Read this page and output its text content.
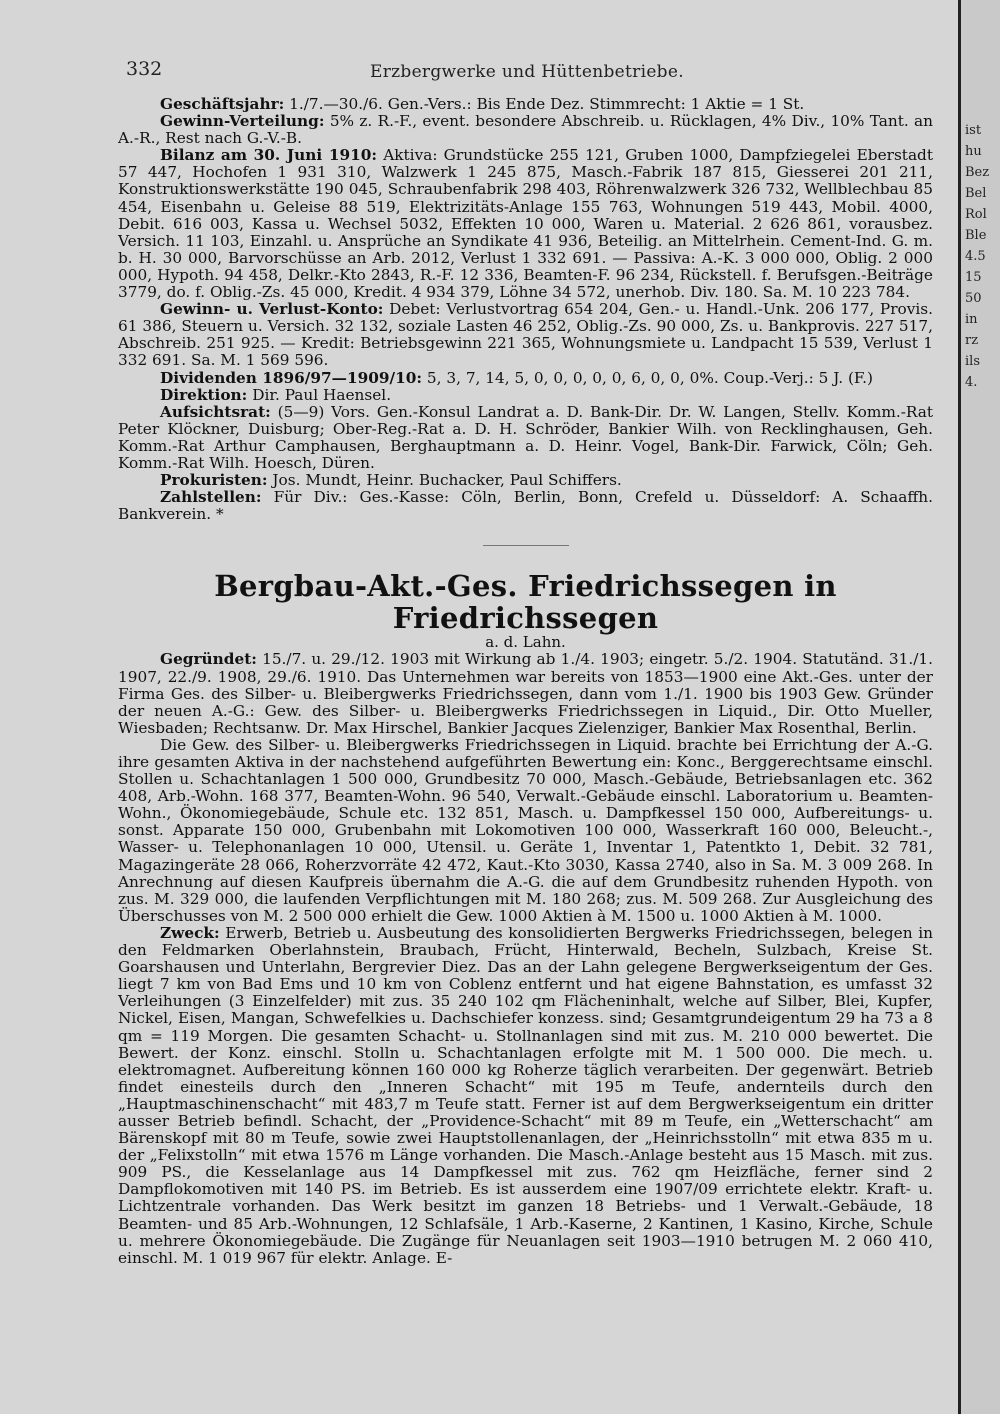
332	Erzbergwerke und Hüttenbetriebe.

Geschäftsjahr: 1./7.—30./6. Gen.-Vers.: Bis Ende Dez. Stimmrecht: 1 Aktie = 1 St.

Gewinn-Verteilung: 5% z. R.-F., event. besondere Abschreib. u. Rücklagen, 4% Div., 10% Tant. an A.-R., Rest nach G.-V.-B.

Bilanz am 30. Juni 1910: Aktiva: Grundstücke 255 121, Gruben 1000, Dampfziegelei Eberstadt 57 447, Hochofen 1 931 310, Walzwerk 1 245 875, Masch.-Fabrik 187 815, Giesserei 201 211, Konstruktionswerkstätte 190 045, Schraubenfabrik 298 403, Röhrenwalzwerk 326 732, Wellblechbau 85 454, Eisenbahn u. Geleise 88 519, Elektrizitäts-Anlage 155 763, Wohnungen 519 443, Mobil. 4000, Debit. 616 003, Kassa u. Wechsel 5032, Effekten 10 000, Waren u. Material. 2 626 861, vorausbez. Versich. 11 103, Einzahl. u. Ansprüche an Syndikate 41 936, Beteilig. an Mittelrhein. Cement-Ind. G. m. b. H. 30 000, Barvorschüsse an Arb. 2012, Verlust 1 332 691. — Passiva: A.-K. 3 000 000, Oblig. 2 000 000, Hypoth. 94 458, Delkr.-Kto 2843, R.-F. 12 336, Beamten-F. 96 234, Rückstell. f. Berufsgen.-Beiträge 3779, do. f. Oblig.-Zs. 45 000, Kredit. 4 934 379, Löhne 34 572, unerhob. Div. 180. Sa. M. 10 223 784.

Gewinn- u. Verlust-Konto: Debet: Verlustvortrag 654 204, Gen.- u. Handl.-Unk. 206 177, Provis. 61 386, Steuern u. Versich. 32 132, soziale Lasten 46 252, Oblig.-Zs. 90 000, Zs. u. Bankprovis. 227 517, Abschreib. 251 925. — Kredit: Betriebsgewinn 221 365, Wohnungsmiete u. Landpacht 15 539, Verlust 1 332 691. Sa. M. 1 569 596.

Dividenden 1896/97—1909/10: 5, 3, 7, 14, 5, 0, 0, 0, 0, 0, 6, 0, 0, 0%. Coup.-Verj.: 5 J. (F.)

Direktion: Dir. Paul Haensel.

Aufsichtsrat: (5—9) Vors. Gen.-Konsul Landrat a. D. Bank-Dir. Dr. W. Langen, Stellv. Komm.-Rat Peter Klöckner, Duisburg; Ober-Reg.-Rat a. D. H. Schröder, Bankier Wilh. von Recklinghausen, Geh. Komm.-Rat Arthur Camphausen, Berghauptmann a. D. Heinr. Vogel, Bank-Dir. Farwick, Cöln; Geh. Komm.-Rat Wilh. Hoesch, Düren.

Prokuristen: Jos. Mundt, Heinr. Buchacker, Paul Schiffers.

Zahlstellen: Für Div.: Ges.-Kasse: Cöln, Berlin, Bonn, Crefeld u. Düsseldorf: A. Schaaffh. Bankverein. *

Bergbau-Akt.-Ges. Friedrichssegen in Friedrichssegen

a. d. Lahn.

Gegründet: 15./7. u. 29./12. 1903 mit Wirkung ab 1./4. 1903; eingetr. 5./2. 1904. Statutänd. 31./1. 1907, 22./9. 1908, 29./6. 1910. Das Unternehmen war bereits von 1853—1900 eine Akt.-Ges. unter der Firma Ges. des Silber- u. Bleibergwerks Friedrichssegen, dann vom 1./1. 1900 bis 1903 Gew. Gründer der neuen A.-G.: Gew. des Silber- u. Bleibergwerks Friedrichssegen in Liquid., Dir. Otto Mueller, Wiesbaden; Rechtsanw. Dr. Max Hirschel, Bankier Jacques Zielenziger, Bankier Max Rosenthal, Berlin.

Die Gew. des Silber- u. Bleibergwerks Friedrichssegen in Liquid. brachte bei Errichtung der A.-G. ihre gesamten Aktiva in der nachstehend aufgeführten Bewertung ein: Konc., Berggerechtsame einschl. Stollen u. Schachtanlagen 1 500 000, Grundbesitz 70 000, Masch.-Gebäude, Betriebsanlagen etc. 362 408, Arb.-Wohn. 168 377, Beamten-Wohn. 96 540, Verwalt.-Gebäude einschl. Laboratorium u. Beamten-Wohn., Ökonomiegebäude, Schule etc. 132 851, Masch. u. Dampfkessel 150 000, Aufbereitungs- u. sonst. Apparate 150 000, Grubenbahn mit Lokomotiven 100 000, Wasserkraft 160 000, Beleucht.-, Wasser- u. Telephonanlagen 10 000, Utensil. u. Geräte 1, Inventar 1, Patentkto 1, Debit. 32 781, Magazingeräte 28 066, Roherzvorräte 42 472, Kaut.-Kto 3030, Kassa 2740, also in Sa. M. 3 009 268. In Anrechnung auf diesen Kaufpreis übernahm die A.-G. die auf dem Grundbesitz ruhenden Hypoth. von zus. M. 329 000, die laufenden Verpflichtungen mit M. 180 268; zus. M. 509 268. Zur Ausgleichung des Überschusses von M. 2 500 000 erhielt die Gew. 1000 Aktien à M. 1500 u. 1000 Aktien à M. 1000.

Zweck: Erwerb, Betrieb u. Ausbeutung des konsolidierten Bergwerks Friedrichssegen, belegen in den Feldmarken Oberlahnstein, Braubach, Frücht, Hinterwald, Becheln, Sulzbach, Kreise St. Goarshausen und Unterlahn, Bergrevier Diez. Das an der Lahn gelegene Bergwerkseigentum der Ges. liegt 7 km von Bad Ems und 10 km von Coblenz entfernt und hat eigene Bahnstation, es umfasst 32 Verleihungen (3 Einzelfelder) mit zus. 35 240 102 qm Flächeninhalt, welche auf Silber, Blei, Kupfer, Nickel, Eisen, Mangan, Schwefelkies u. Dachschiefer konzess. sind; Gesamtgrundeigentum 29 ha 73 a 8 qm = 119 Morgen. Die gesamten Schacht- u. Stollnanlagen sind mit zus. M. 210 000 bewertet. Die Bewert. der Konz. einschl. Stolln u. Schachtanlagen erfolgte mit M. 1 500 000. Die mech. u. elektromagnet. Aufbereitung können 160 000 kg Roherze täglich verarbeiten. Der gegenwärt. Betrieb findet einesteils durch den „Inneren Schacht“ mit 195 m Teufe, andernteils durch den „Hauptmaschinenschacht“ mit 483,7 m Teufe statt. Ferner ist auf dem Bergwerkseigentum ein dritter ausser Betrieb befindl. Schacht, der „Providence-Schacht“ mit 89 m Teufe, ein „Wetterschacht“ am Bärenskopf mit 80 m Teufe, sowie zwei Hauptstollenanlagen, der „Heinrichsstolln“ mit etwa 835 m u. der „Felixstolln“ mit etwa 1576 m Länge vorhanden. Die Masch.-Anlage besteht aus 15 Masch. mit zus. 909 PS., die Kesselanlage aus 14 Dampfkessel mit zus. 762 qm Heizfläche, ferner sind 2 Dampflokomotiven mit 140 PS. im Betrieb. Es ist ausserdem eine 1907/09 errichtete elektr. Kraft- u. Lichtzentrale vorhanden. Das Werk besitzt im ganzen 18 Betriebs- und 1 Verwalt.-Gebäude, 18 Beamten- und 85 Arb.-Wohnungen, 12 Schlafsäle, 1 Arb.-Kaserne, 2 Kantinen, 1 Kasino, Kirche, Schule u. mehrere Ökonomiegebäude. Die Zugänge für Neuanlagen seit 1903—1910 betrugen M. 2 060 410, einschl. M. 1 019 967 für elektr. Anlage. E-

ist
hu
Bez
Bel
Rol
Ble
4.5
15
50
in
rz
ils
4.
